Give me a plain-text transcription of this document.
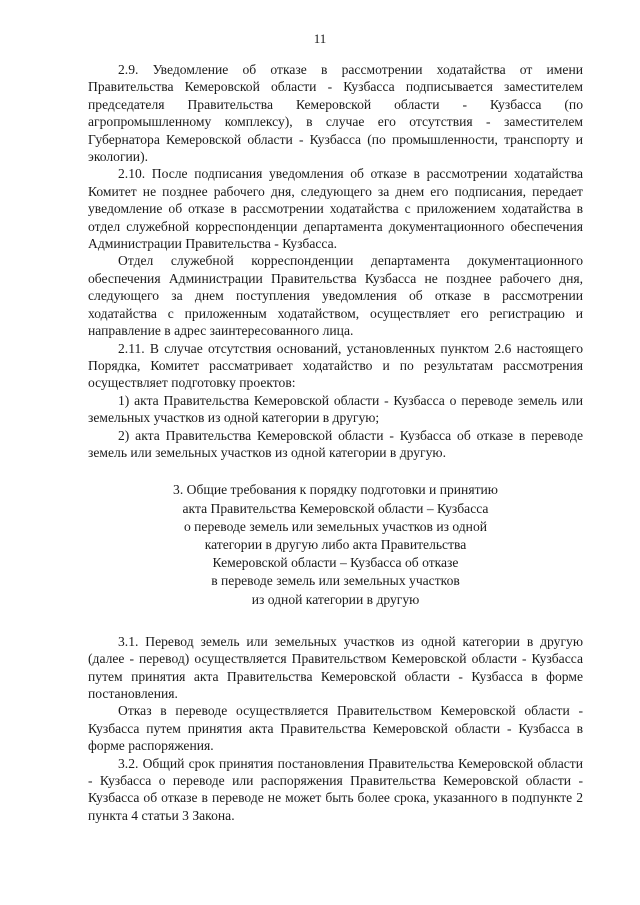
11

2.9. Уведомление об отказе в рассмотрении ходатайства от имени Правительства Кемеровской области - Кузбасса подписывается заместителем председателя Правительства Кемеровской области - Кузбасса (по агропромышленному комплексу), в случае его отсутствия - заместителем Губернатора Кемеровской области - Кузбасса (по промышленности, транспорту и экологии).

2.10. После подписания уведомления об отказе в рассмотрении ходатайства Комитет не позднее рабочего дня, следующего за днем его подписания, передает уведомление об отказе в рассмотрении ходатайства с приложением ходатайства в отдел служебной корреспонденции департамента документационного обеспечения Администрации Правительства - Кузбасса.

Отдел служебной корреспонденции департамента документационного обеспечения Администрации Правительства Кузбасса не позднее рабочего дня, следующего за днем поступления уведомления об отказе в рассмотрении ходатайства с приложенным ходатайством, осуществляет его регистрацию и направление в адрес заинтересованного лица.

2.11. В случае отсутствия оснований, установленных пунктом 2.6 настоящего Порядка, Комитет рассматривает ходатайство и по результатам рассмотрения осуществляет подготовку проектов:

1) акта Правительства Кемеровской области - Кузбасса о переводе земель или земельных участков из одной категории в другую;

2) акта Правительства Кемеровской области - Кузбасса об отказе в переводе земель или земельных участков из одной категории в другую.

3. Общие требования к порядку подготовки и принятию
акта Правительства Кемеровской области – Кузбасса
о переводе земель или земельных участков из одной
категории в другую либо акта Правительства
Кемеровской области – Кузбасса об отказе
в переводе земель или земельных участков
из одной категории в другую

3.1. Перевод земель или земельных участков из одной категории в другую (далее - перевод) осуществляется Правительством Кемеровской области - Кузбасса путем принятия акта Правительства Кемеровской области - Кузбасса в форме постановления.

Отказ в переводе осуществляется Правительством Кемеровской области - Кузбасса путем принятия акта Правительства Кемеровской области - Кузбасса в форме распоряжения.

3.2. Общий срок принятия постановления Правительства Кемеровской области - Кузбасса о переводе или распоряжения Правительства Кемеровской области - Кузбасса об отказе в переводе не может быть более срока, указанного в подпункте 2 пункта 4 статьи 3 Закона.
